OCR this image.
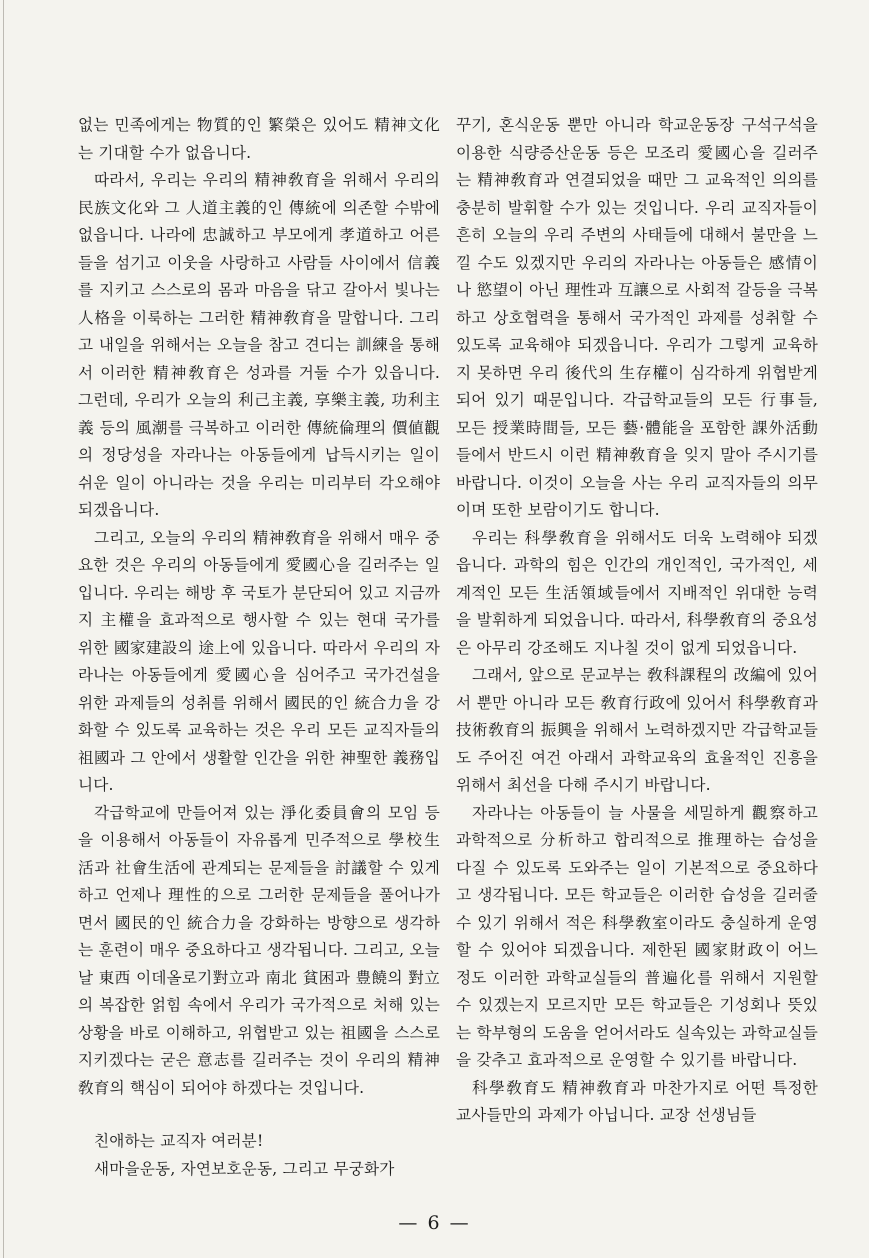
없는 민족에게는 物質的인 繁榮은 있어도 精神文化는 기대할 수가 없읍니다.

따라서, 우리는 우리의 精神敎育을 위해서 우리의 民族文化와 그 人道主義的인 傳統에 의존할 수밖에 없읍니다. 나라에 忠誠하고 부모에게 孝道하고 어른들을 섬기고 이웃을 사랑하고 사람들 사이에서 信義를 지키고 스스로의 몸과 마음을 닦고 갈아서 빛나는 人格을 이룩하는 그러한 精神敎育을 말합니다. 그리고 내일을 위해서는 오늘을 참고 견디는 訓練을 통해서 이러한 精神敎育은 성과를 거둘 수가 있읍니다. 그런데, 우리가 오늘의 利己主義, 享樂主義, 功利主義 등의 風潮를 극복하고 이러한 傳統倫理의 價値觀의 정당성을 자라나는 아동들에게 납득시키는 일이 쉬운 일이 아니라는 것을 우리는 미리부터 각오해야 되겠읍니다.

그리고, 오늘의 우리의 精神敎育을 위해서 매우 중요한 것은 우리의 아동들에게 愛國心을 길러주는 일입니다. 우리는 해방 후 국토가 분단되어 있고 지금까지 主權을 효과적으로 행사할 수 있는 현대 국가를 위한 國家建設의 途上에 있읍니다. 따라서 우리의 자라나는 아동들에게 愛國心을 심어주고 국가건설을 위한 과제들의 성취를 위해서 國民的인 統合力을 강화할 수 있도록 교육하는 것은 우리 모든 교직자들의 祖國과 그 안에서 생활할 인간을 위한 神聖한 義務입니다.

각급학교에 만들어져 있는 淨化委員會의 모임 등을 이용해서 아동들이 자유롭게 민주적으로 學校生活과 社會生活에 관계되는 문제들을 討議할 수 있게 하고 언제나 理性的으로 그러한 문제들을 풀어나가면서 國民的인 統合力을 강화하는 방향으로 생각하는 훈련이 매우 중요하다고 생각됩니다. 그리고, 오늘날 東西 이데올로기對立과 南北 貧困과 豊饒의 對立의 복잡한 얽힘 속에서 우리가 국가적으로 처해 있는 상황을 바로 이해하고, 위협받고 있는 祖國을 스스로 지키겠다는 굳은 意志를 길러주는 것이 우리의 精神敎育의 핵심이 되어야 하겠다는 것입니다.

친애하는 교직자 여러분!

새마을운동, 자연보호운동, 그리고 무궁화가

꾸기, 혼식운동 뿐만 아니라 학교운동장 구석구석을 이용한 식량증산운동 등은 모조리 愛國心을 길러주는 精神敎育과 연결되었을 때만 그 교육적인 의의를 충분히 발휘할 수가 있는 것입니다. 우리 교직자들이 흔히 오늘의 우리 주변의 사태들에 대해서 불만을 느낄 수도 있겠지만 우리의 자라나는 아동들은 感情이나 慾望이 아닌 理性과 互讓으로 사회적 갈등을 극복하고 상호협력을 통해서 국가적인 과제를 성취할 수 있도록 교육해야 되겠읍니다. 우리가 그렇게 교육하지 못하면 우리 後代의 生存權이 심각하게 위협받게 되어 있기 때문입니다. 각급학교들의 모든 行事들, 모든 授業時間들, 모든 藝·體能을 포함한 課外活動 들에서 반드시 이런 精神敎育을 잊지 말아 주시기를 바랍니다. 이것이 오늘을 사는 우리 교직자들의 의무이며 또한 보람이기도 합니다.

우리는 科學敎育을 위해서도 더욱 노력해야 되겠읍니다. 과학의 힘은 인간의 개인적인, 국가적인, 세계적인 모든 生活領域들에서 지배적인 위대한 능력을 발휘하게 되었읍니다. 따라서, 科學敎育의 중요성은 아무리 강조해도 지나칠 것이 없게 되었읍니다.

그래서, 앞으로 문교부는 敎科課程의 改編에 있어서 뿐만 아니라 모든 敎育行政에 있어서 科學敎育과 技術敎育의 振興을 위해서 노력하겠지만 각급학교들도 주어진 여건 아래서 과학교육의 효율적인 진흥을 위해서 최선을 다해 주시기 바랍니다.

자라나는 아동들이 늘 사물을 세밀하게 觀察하고 과학적으로 分析하고 합리적으로 推理하는 습성을 다질 수 있도록 도와주는 일이 기본적으로 중요하다고 생각됩니다. 모든 학교들은 이러한 습성을 길러줄 수 있기 위해서 적은 科學敎室이라도 충실하게 운영할 수 있어야 되겠읍니다. 제한된 國家財政이 어느 정도 이러한 과학교실들의 普遍化를 위해서 지원할 수 있겠는지 모르지만 모든 학교들은 기성회나 뜻있는 학부형의 도움을 얻어서라도 실속있는 과학교실들을 갖추고 효과적으로 운영할 수 있기를 바랍니다.

科學敎育도 精神敎育과 마찬가지로 어떤 특정한 교사들만의 과제가 아닙니다. 교장 선생님들

— 6 —
